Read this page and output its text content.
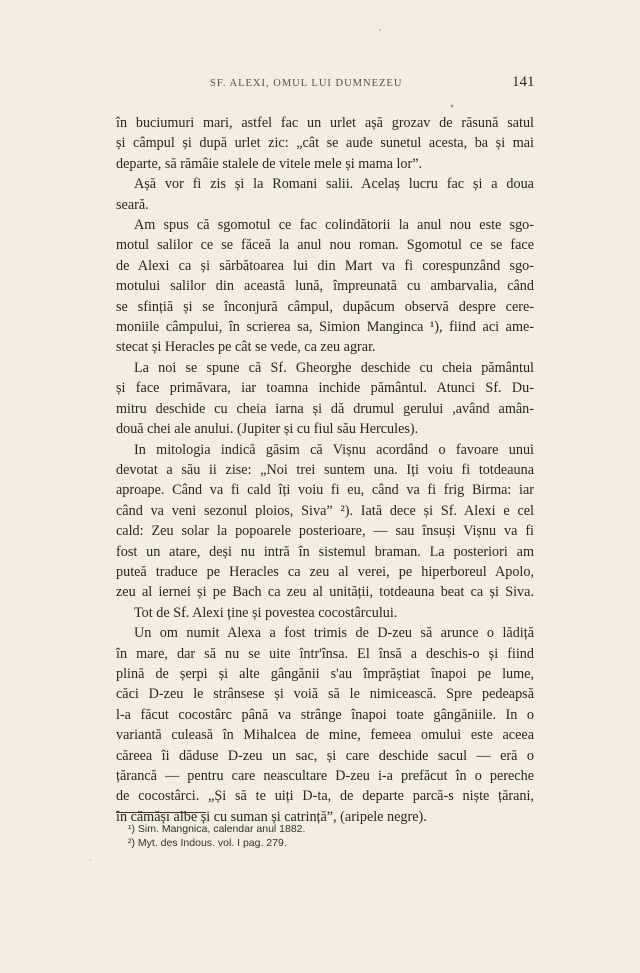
SF. ALEXI, OMUL LUI DUMNEZEU	141
în buciumuri mari, astfel fac un urlet așă grozav de răsună satul
și câmpul și după urlet zic: „cât se aude sunetul acesta, ba și mai
departe, să rămâie stalele de vitele mele și mama lor”.
Așă vor fi zis și la Romani salii. Acelaș lucru fac și a doua
seară.
Am spus că sgomotul ce fac colindătorii la anul nou este sgo-
motul salilor ce se făceă la anul nou roman. Sgomotul ce se face
de Alexi ca și sărbătoarea lui din Mart va fi corespunzând sgo-
motului salilor din această lună, împreunată cu ambarvalia, când
se sfințiă și se înconjură câmpul, dupăcum observă despre cere-
moniile câmpului, în scrierea sa, Simion Manginca ¹), fiind aci ame-
stecat și Heracles pe cât se vede, ca zeu agrar.
La noi se spune că Sf. Gheorghe deschide cu cheia pământul
și face primăvara, iar toamna inchide pământul. Atunci Sf. Du-
mitru deschide cu cheia iarna și dă drumul gerului ,având amân-
două chei ale anului. (Jupiter și cu fiul său Hercules).
In mitologia indică găsim că Vișnu acordând o favoare unui
devotat a său ii zise: „Noi trei suntem una. Iți voiu fi totdeauna
aproape. Când va fi cald îți voiu fi eu, când va fi frig Birma: iar
când va veni sezonul ploios, Siva” ²). Iată dece și Sf. Alexi e cel
cald: Zeu solar la popoarele posterioare, — sau însuși Vișnu va fi
fost un atare, deși nu intră în sistemul braman. La posteriori am
puteă traduce pe Heracles ca zeu al verei, pe hiperboreul Apolo,
zeu al iernei și pe Bach ca zeu al unității, totdeauna beat ca și Siva.
Tot de Sf. Alexi ține și povestea cocostârcului.
Un om numit Alexa a fost trimis de D-zeu să arunce o lădiță
în mare, dar să nu se uite într'însa. El însă a deschis-o și fiind
plină de șerpi și alte gângănii s'au împrăștiat înapoi pe lume,
căci D-zeu le strânsese și voiă să le nimicească. Spre pedeapsă
l-a făcut cocostârc până va strânge înapoi toate gângăniile. In o
variantă culeasă în Mihalcea de mine, femeea omului este aceea
căreea îi dăduse D-zeu un sac, și care deschide sacul — eră o
țărancă — pentru care neascultare D-zeu i-a prefăcut în o pereche
de cocostârci. „Și să te uiți D-ta, de departe parcă-s niște țărani,
în cămăși albe și cu suman și catrință”, (aripele negre).
¹) Sim. Mangnica, calendar anul 1882.
²) Myt. des Indous. vol. I pag. 279.
